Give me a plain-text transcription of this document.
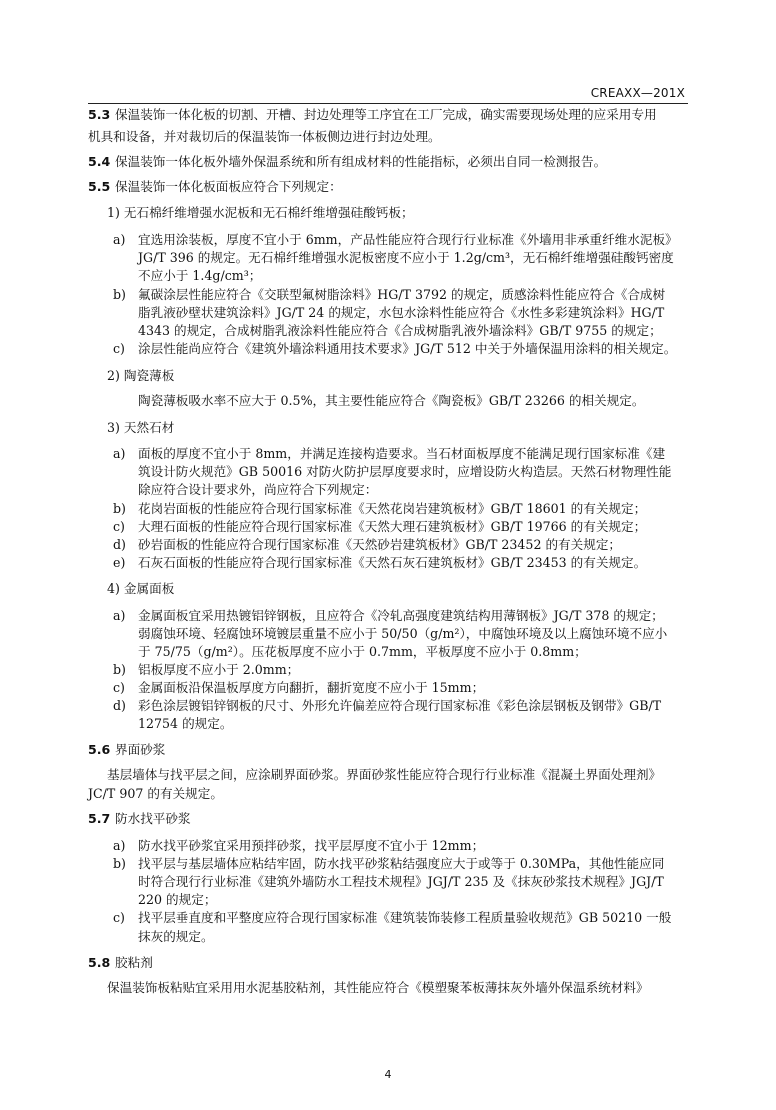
CREAXX—201X
5.3 保温装饰一体化板的切割、开槽、封边处理等工序宜在工厂完成，确实需要现场处理的应采用专用
机具和设备，并对裁切后的保温装饰一体板侧边进行封边处理。
5.4 保温装饰一体化板外墙外保温系统和所有组成材料的性能指标，必须出自同一检测报告。
5.5 保温装饰一体化板面板应符合下列规定：
1) 无石棉纤维增强水泥板和无石棉纤维增强硅酸钙板；
a) 宜选用涂装板，厚度不宜小于 6mm，产品性能应符合现行行业标准《外墙用非承重纤维水泥板》
JG/T 396 的规定。无石棉纤维增强水泥板密度不应小于 1.2g/cm³，无石棉纤维增强硅酸钙密度
不应小于 1.4g/cm³；
b) 氟碳涂层性能应符合《交联型氟树脂涂料》HG/T 3792 的规定，质感涂料性能应符合《合成树
脂乳液砂壁状建筑涂料》JG/T 24 的规定，水包水涂料性能应符合《水性多彩建筑涂料》HG/T
4343 的规定，合成树脂乳液涂料性能应符合《合成树脂乳液外墙涂料》GB/T 9755 的规定；
c) 涂层性能尚应符合《建筑外墙涂料通用技术要求》JG/T 512 中关于外墙保温用涂料的相关规定。
2) 陶瓷薄板
陶瓷薄板吸水率不应大于 0.5%，其主要性能应符合《陶瓷板》GB/T 23266 的相关规定。
3) 天然石材
a) 面板的厚度不宜小于 8mm，并满足连接构造要求。当石材面板厚度不能满足现行国家标准《建
筑设计防火规范》GB 50016 对防火防护层厚度要求时，应增设防火构造层。天然石材物理性能
除应符合设计要求外，尚应符合下列规定：
b) 花岗岩面板的性能应符合现行国家标准《天然花岗岩建筑板材》GB/T 18601 的有关规定；
c) 大理石面板的性能应符合现行国家标准《天然大理石建筑板材》GB/T 19766 的有关规定；
d) 砂岩面板的性能应符合现行国家标准《天然砂岩建筑板材》GB/T 23452 的有关规定；
e) 石灰石面板的性能应符合现行国家标准《天然石灰石建筑板材》GB/T 23453 的有关规定。
4) 金属面板
a) 金属面板宜采用热镀铝锌钢板，且应符合《冷轧高强度建筑结构用薄钢板》JG/T 378 的规定；
弱腐蚀环境、轻腐蚀环境镀层重量不应小于 50/50（g/m²），中腐蚀环境及以上腐蚀环境不应小
于 75/75（g/m²）。压花板厚度不应小于 0.7mm，平板厚度不应小于 0.8mm；
b) 铝板厚度不应小于 2.0mm；
c) 金属面板沿保温板厚度方向翻折，翻折宽度不应小于 15mm；
d) 彩色涂层镀铝锌钢板的尺寸、外形允许偏差应符合现行国家标准《彩色涂层钢板及钢带》GB/T
12754 的规定。
5.6 界面砂浆
基层墙体与找平层之间，应涂刷界面砂浆。界面砂浆性能应符合现行行业标准《混凝土界面处理剂》
JC/T 907 的有关规定。
5.7 防水找平砂浆
a) 防水找平砂浆宜采用预拌砂浆，找平层厚度不宜小于 12mm；
b) 找平层与基层墙体应粘结牢固，防水找平砂浆粘结强度应大于或等于 0.30MPa，其他性能应同
时符合现行行业标准《建筑外墙防水工程技术规程》JGJ/T 235 及《抹灰砂浆技术规程》JGJ/T
220 的规定；
c) 找平层垂直度和平整度应符合现行国家标准《建筑装饰装修工程质量验收规范》GB 50210 一般
抹灰的规定。
5.8 胶粘剂
保温装饰板粘贴宜采用用水泥基胶粘剂，其性能应符合《模塑聚苯板薄抹灰外墙外保温系统材料》
4
